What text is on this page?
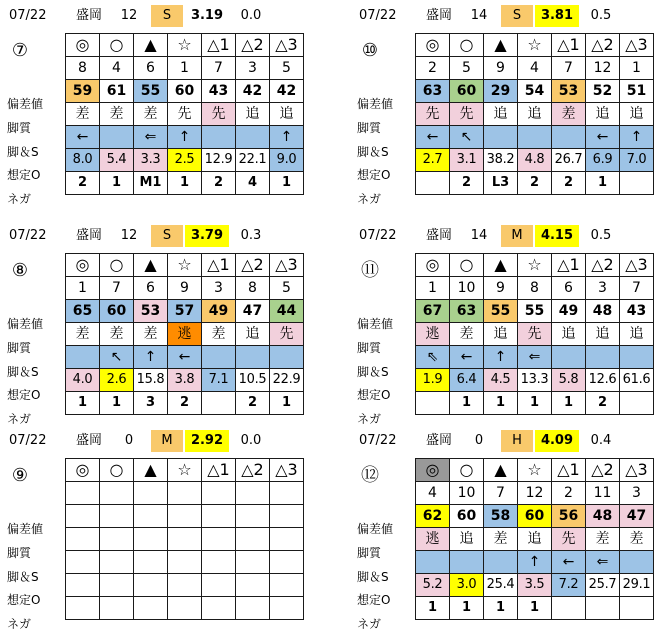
07/22	盛岡	12	S	3.19	0.0
⑦
偏差値
脚質
脚＆S
想定O
ネガ
◎	○	▲	☆	△1	△2	△3
8	4	6	1	7	3	5
59	61	55	60	43	42	42
差	差	差	先	先	追	追
←		⇐	↑			↑
8.0	5.4	3.3	2.5	12.9	22.1	9.0
2	1	M1	1	2	4	1
07/22	盛岡	14	S	3.81	0.5
⑩
偏差値
脚質
脚＆S
想定O
ネガ
◎	○	▲	☆	△1	△2	△3
2	5	9	4	7	12	1
63	60	29	54	53	52	51
先	先	追	追	差	追	追
←	↖				←	↑
2.7	3.1	38.2	4.8	26.7	6.9	7.0
	2	L3	2	2	1	
07/22	盛岡	12	S	3.79	0.3
⑧
偏差値
脚質
脚＆S
想定O
ネガ
◎	○	▲	☆	△1	△2	△3
1	7	6	9	3	8	5
65	60	53	57	49	47	44
差	差	差	逃	差	追	先
	↖	↑	←			
4.0	2.6	15.8	3.8	7.1	10.5	22.9
1	1	3	2		2	1
07/22	盛岡	14	M	4.15	0.5
⑪
偏差値
脚質
脚＆S
想定O
ネガ
◎	○	▲	☆	△1	△2	△3
1	10	9	8	6	3	7
67	63	55	55	49	48	43
逃	差	追	先	追	追	追
⇖	←	↑	⇐			
1.9	6.4	4.5	13.3	5.8	12.6	61.6
	1	1	1	1	2	
07/22	盛岡	0	M	2.92	0.0
⑨
偏差値
脚質
脚＆S
想定O
ネガ
◎	○	▲	☆	△1	△2	△3

07/22	盛岡	0	H	4.09	0.4
⑫
偏差値
脚質
脚＆S
想定O
ネガ
◎	○	▲	☆	△1	△2	△3
4	10	7	12	2	11	3
62	60	58	60	56	48	47
逃	追	差	追	先	差	差
			↑	←	⇐	
5.2	3.0	25.4	3.5	7.2	25.7	29.1
1	1	1	1			
